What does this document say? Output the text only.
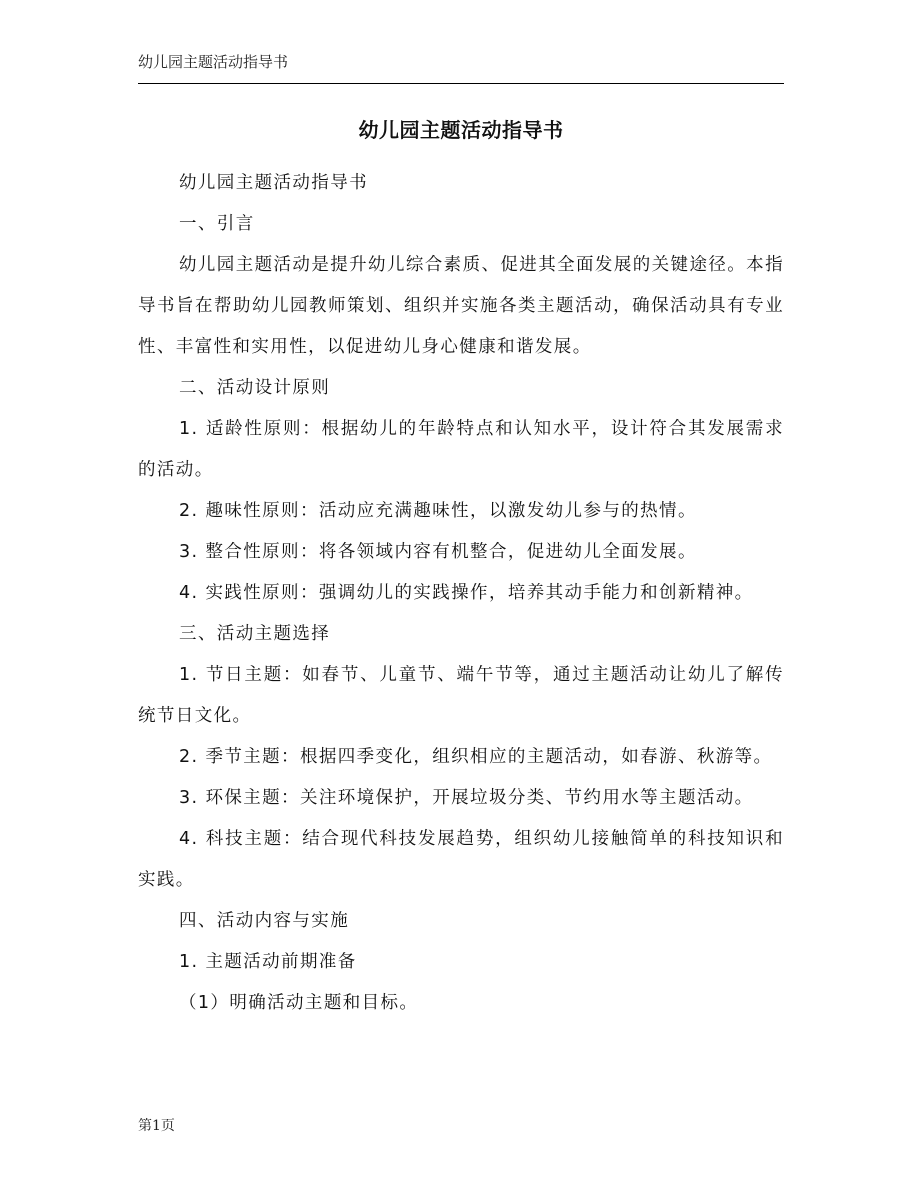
幼儿园主题活动指导书
幼儿园主题活动指导书

幼儿园主题活动指导书

一、引言

幼儿园主题活动是提升幼儿综合素质、促进其全面发展的关键途径。本指导书旨在帮助幼儿园教师策划、组织并实施各类主题活动，确保活动具有专业性、丰富性和实用性，以促进幼儿身心健康和谐发展。

二、活动设计原则

1. 适龄性原则：根据幼儿的年龄特点和认知水平，设计符合其发展需求的活动。

2. 趣味性原则：活动应充满趣味性，以激发幼儿参与的热情。

3. 整合性原则：将各领域内容有机整合，促进幼儿全面发展。

4. 实践性原则：强调幼儿的实践操作，培养其动手能力和创新精神。

三、活动主题选择

1. 节日主题：如春节、儿童节、端午节等，通过主题活动让幼儿了解传统节日文化。

2. 季节主题：根据四季变化，组织相应的主题活动，如春游、秋游等。

3. 环保主题：关注环境保护，开展垃圾分类、节约用水等主题活动。

4. 科技主题：结合现代科技发展趋势，组织幼儿接触简单的科技知识和实践。

四、活动内容与实施

1. 主题活动前期准备

（1）明确活动主题和目标。

第1页
